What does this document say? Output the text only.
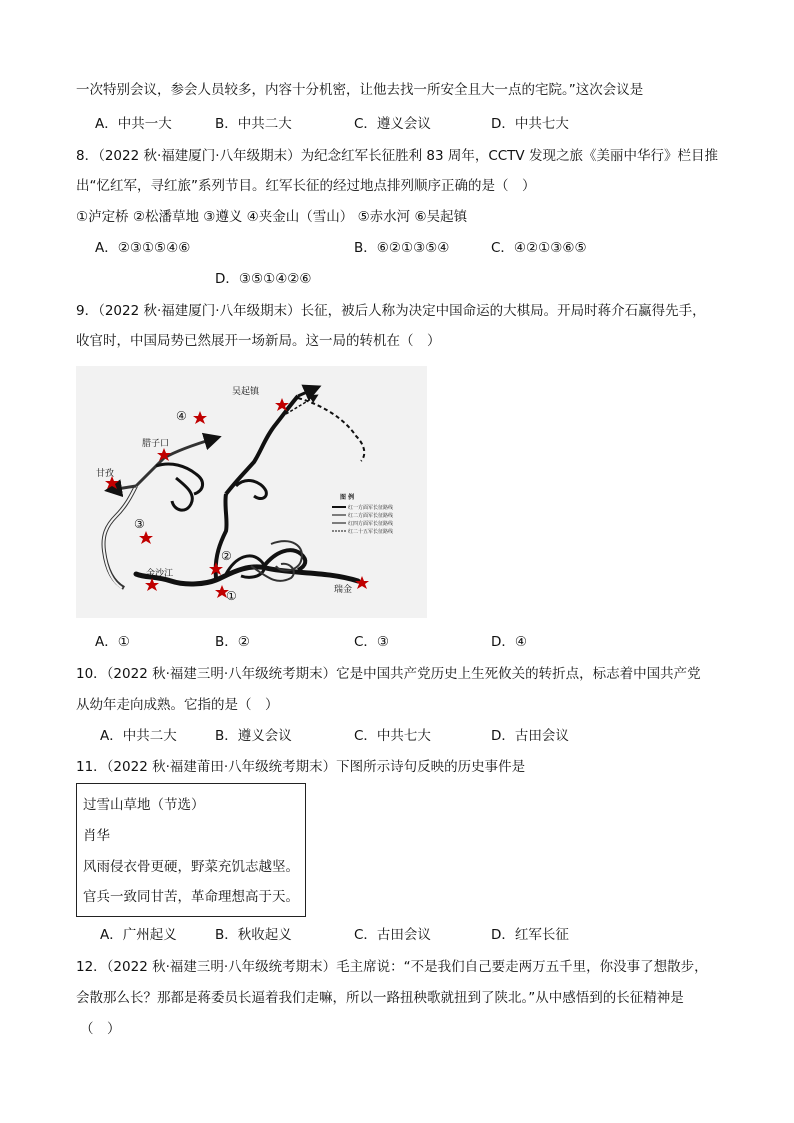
一次特别会议，参会人员较多，内容十分机密，让他去找一所安全且大一点的宅院。”这次会议是
A．中共一大	B．中共二大	C．遵义会议	D．中共七大
8．（2022 秋·福建厦门·八年级期末）为纪念红军长征胜利 83 周年，CCTV 发现之旅《美丽中华行》栏目推
出“忆红军，寻红旅”系列节目。红军长征的经过地点排列顺序正确的是（　）
①泸定桥 ②松潘草地 ③遵义 ④夹金山（雪山） ⑤赤水河 ⑥吴起镇
A．②③①⑤④⑥	B．⑥②①③⑤④	C．④②①③⑥⑤
D．③⑤①④②⑥
9．（2022 秋·福建厦门·八年级期末）长征，被后人称为决定中国命运的大棋局。开局时蒋介石赢得先手，
收官时，中国局势已然展开一场新局。这一局的转机在（　）
吴起镇
腊子口
甘孜
金沙江
瑞金
④
③
②
①
图 例
红一方面军长征路线
红二方面军长征路线
红四方面军长征路线
红二十五军长征路线
A．①	B．②	C．③	D．④
10．（2022 秋·福建三明·八年级统考期末）它是中国共产党历史上生死攸关的转折点，标志着中国共产党
从幼年走向成熟。它指的是（　）
A．中共二大	B．遵义会议	C．中共七大	D．古田会议
11．（2022 秋·福建莆田·八年级统考期末）下图所示诗句反映的历史事件是
过雪山草地（节选）
肖华
风雨侵衣骨更硬，野菜充饥志越坚。
官兵一致同甘苦，革命理想高于天。
A．广州起义	B．秋收起义	C．古田会议	D．红军长征
12．（2022 秋·福建三明·八年级统考期末）毛主席说：“不是我们自己要走两万五千里，你没事了想散步，
会散那么长？那都是蒋委员长逼着我们走嘛，所以一路扭秧歌就扭到了陕北。”从中感悟到的长征精神是
（　）
